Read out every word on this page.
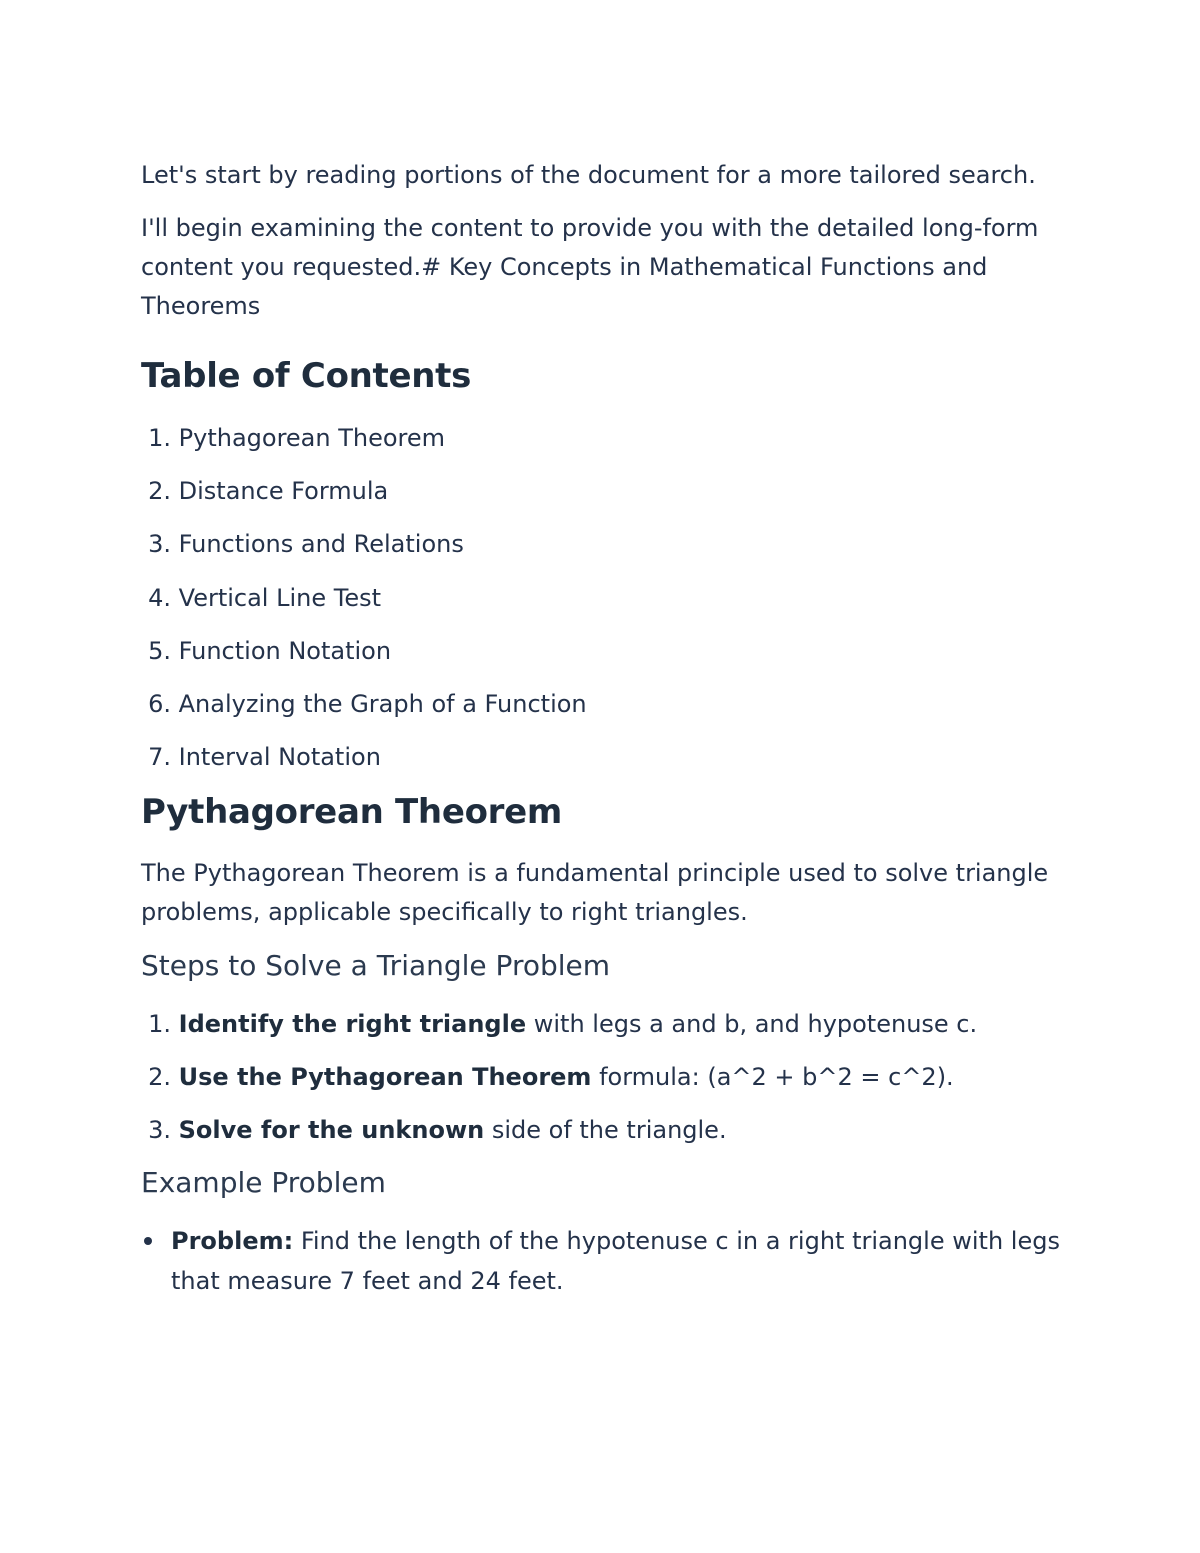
Let's start by reading portions of the document for a more tailored search.

I'll begin examining the content to provide you with the detailed long-form content you requested.# Key Concepts in Mathematical Functions and Theorems

Table of Contents
1. Pythagorean Theorem
2. Distance Formula
3. Functions and Relations
4. Vertical Line Test
5. Function Notation
6. Analyzing the Graph of a Function
7. Interval Notation
Pythagorean Theorem

The Pythagorean Theorem is a fundamental principle used to solve triangle problems, applicable specifically to right triangles.

Steps to Solve a Triangle Problem
1. Identify the right triangle with legs a and b, and hypotenuse c.
2. Use the Pythagorean Theorem formula: (a^2 + b^2 = c^2).
3. Solve for the unknown side of the triangle.
Example Problem
Problem: Find the length of the hypotenuse c in a right triangle with legs that measure 7 feet and 24 feet.
